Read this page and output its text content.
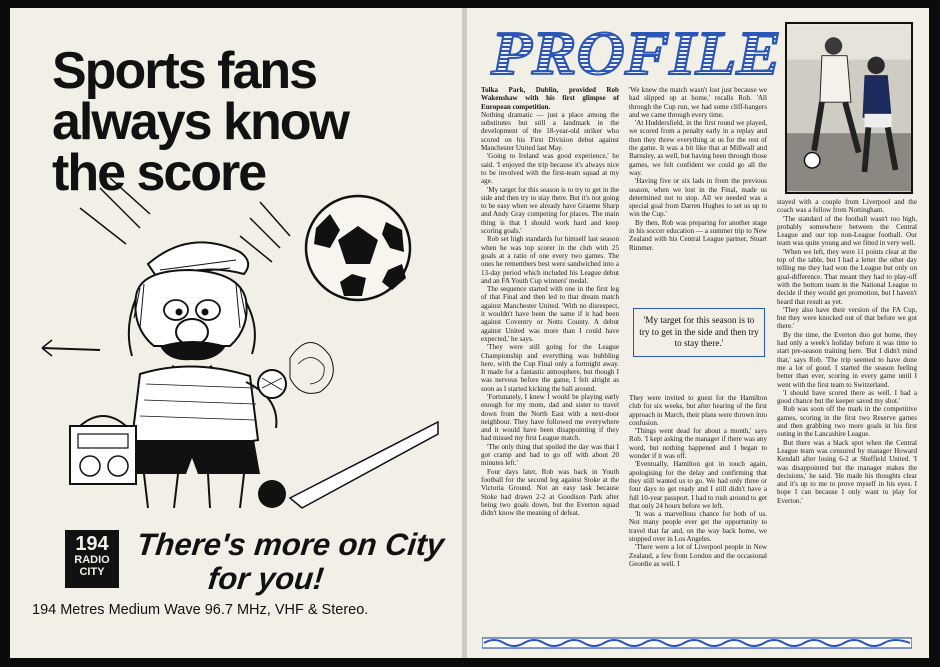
Sports fans
always know
the score
194
RADIO
CITY
There's more on City
for you!
194 Metres Medium Wave 96.7 MHz, VHF & Stereo.
PROFILE

Tolka Park, Dublin, provided Rob Wakenshaw with his first glimpse of European competition.

Nothing dramatic — just a place among the substitutes but still a landmark in the development of the 18-year-old striker who scored on his First Division debut against Manchester United last May.

'Going to Ireland was good experience,' he said. 'I enjoyed the trip because it's always nice to be involved with the first-team squad at my age.

'My target for this season is to try to get in the side and then try to stay there. But it's not going to be easy when we already have Graeme Sharp and Andy Gray competing for places. The main thing is that I should work hard and keep scoring goals.'

Rob set high standards for himself last season when he was top scorer in the club with 25 goals at a ratio of one every two games. The ones he remembers best were sandwiched into a 13-day period which included his League debut and an FA Youth Cup winners' medal.

The sequence started with one in the first leg of that Final and then led to that dream match against Manchester United. 'With no disrespect, it wouldn't have been the same if it had been against Coventry or Notts County. A debut against United was more than I could have expected,' he says.

'They were still going for the League Championship and everything was bubbling here, with the Cup Final only a fortnight away. It made for a fantastic atmosphere, but though I was nervous before the game, I felt alright as soon as I started kicking the ball around.

'Fortunately, I knew I would be playing early enough for my mom, dad and sister to travel down from the North East with a next-door neighbour. They have followed me everywhere and it would have been disappointing if they had missed my first League match.

'The only thing that spoiled the day was that I got cramp and had to go off with about 20 minutes left.'

Four days later, Rob was back in Youth football for the second leg against Stoke at the Victoria Ground. Not an easy task because Stoke had drawn 2-2 at Goodison Park after being two goals down, but the Everton squad didn't know the meaning of defeat.

'We knew the match wasn't lost just because we had slipped up at home,' recalls Rob. 'All through the Cup run, we had some cliff-hangers and we came through every time.

'At Huddersfield, in the first round we played, we scored from a penalty early in a replay and then they threw everything at us for the rest of the game. It was a bit like that at Millwall and Barnsley, as well, but having been through those games, we felt confident we could go all the way.

'Having five or six lads in from the previous season, when we lost in the Final, made us determined not to stop. All we needed was a special goal from Darren Hughes to set us up to win the Cup.'

By then, Rob was preparing for another stage in his soccer education — a summer trip to New Zealand with his Central League partner, Stuart Rimmer.

'My target for this season is to try to get in the side and then try to stay there.'

They were invited to guest for the Hamilton club for six weeks, but after hearing of the first approach in March, their plans were thrown into confusion.

'Things went dead for about a month,' says Rob. 'I kept asking the manager if there was any word, but nothing happened and I began to wonder if it was off.

'Eventually, Hamilton got in touch again, apologising for the delay and confirming that they still wanted us to go. We had only three or four days to get ready and I still didn't have a full 10-year passport. I had to rush around to get that only 24 hours before we left.

'It was a marvellous chance for both of us. Not many people ever get the opportunity to travel that far and, on the way back home, we stopped over in Los Angeles.

'There were a lot of Liverpool people in New Zealand, a few from London and the occasional Geordie as well. I

stayed with a couple from Liverpool and the coach was a fellow from Nottingham.

'The standard of the football wasn't too high, probably somewhere between the Central League and our top non-League football. Our team was quite young and we fitted in very well.

'When we left, they were 11 points clear at the top of the table, but I had a letter the other day telling me they had won the League but only on goal-difference. That meant they had to play-off with the bottom team in the National League to decide if they would get promotion, but I haven't heard that result as yet.

'They also have their version of the FA Cup, but they were knocked out of that before we got there.'

By the time, the Everton duo got home, they had only a week's holiday before it was time to start pre-season training here. 'But I didn't mind that,' says Rob. 'The trip seemed to have done me a lot of good. I started the season feeling better than ever, scoring in every game until I went with the first team to Switzerland.

'I should have scored there as well. I had a good chance but the keeper saved my shot.'

Rob was soon off the mark in the competitive games, scoring in the first two Reserve games and then grabbing two more goals in his first outing in the Lancashire League.

But there was a black spot when the Central League team was censured by manager Howard Kendall after losing 6-2 at Sheffield United. 'I was disappointed but the manager makes the decisions,' he said. 'He made his thoughts clear and it's up to me to prove myself in his eyes. I hope I can because I only want to play for Everton.'
